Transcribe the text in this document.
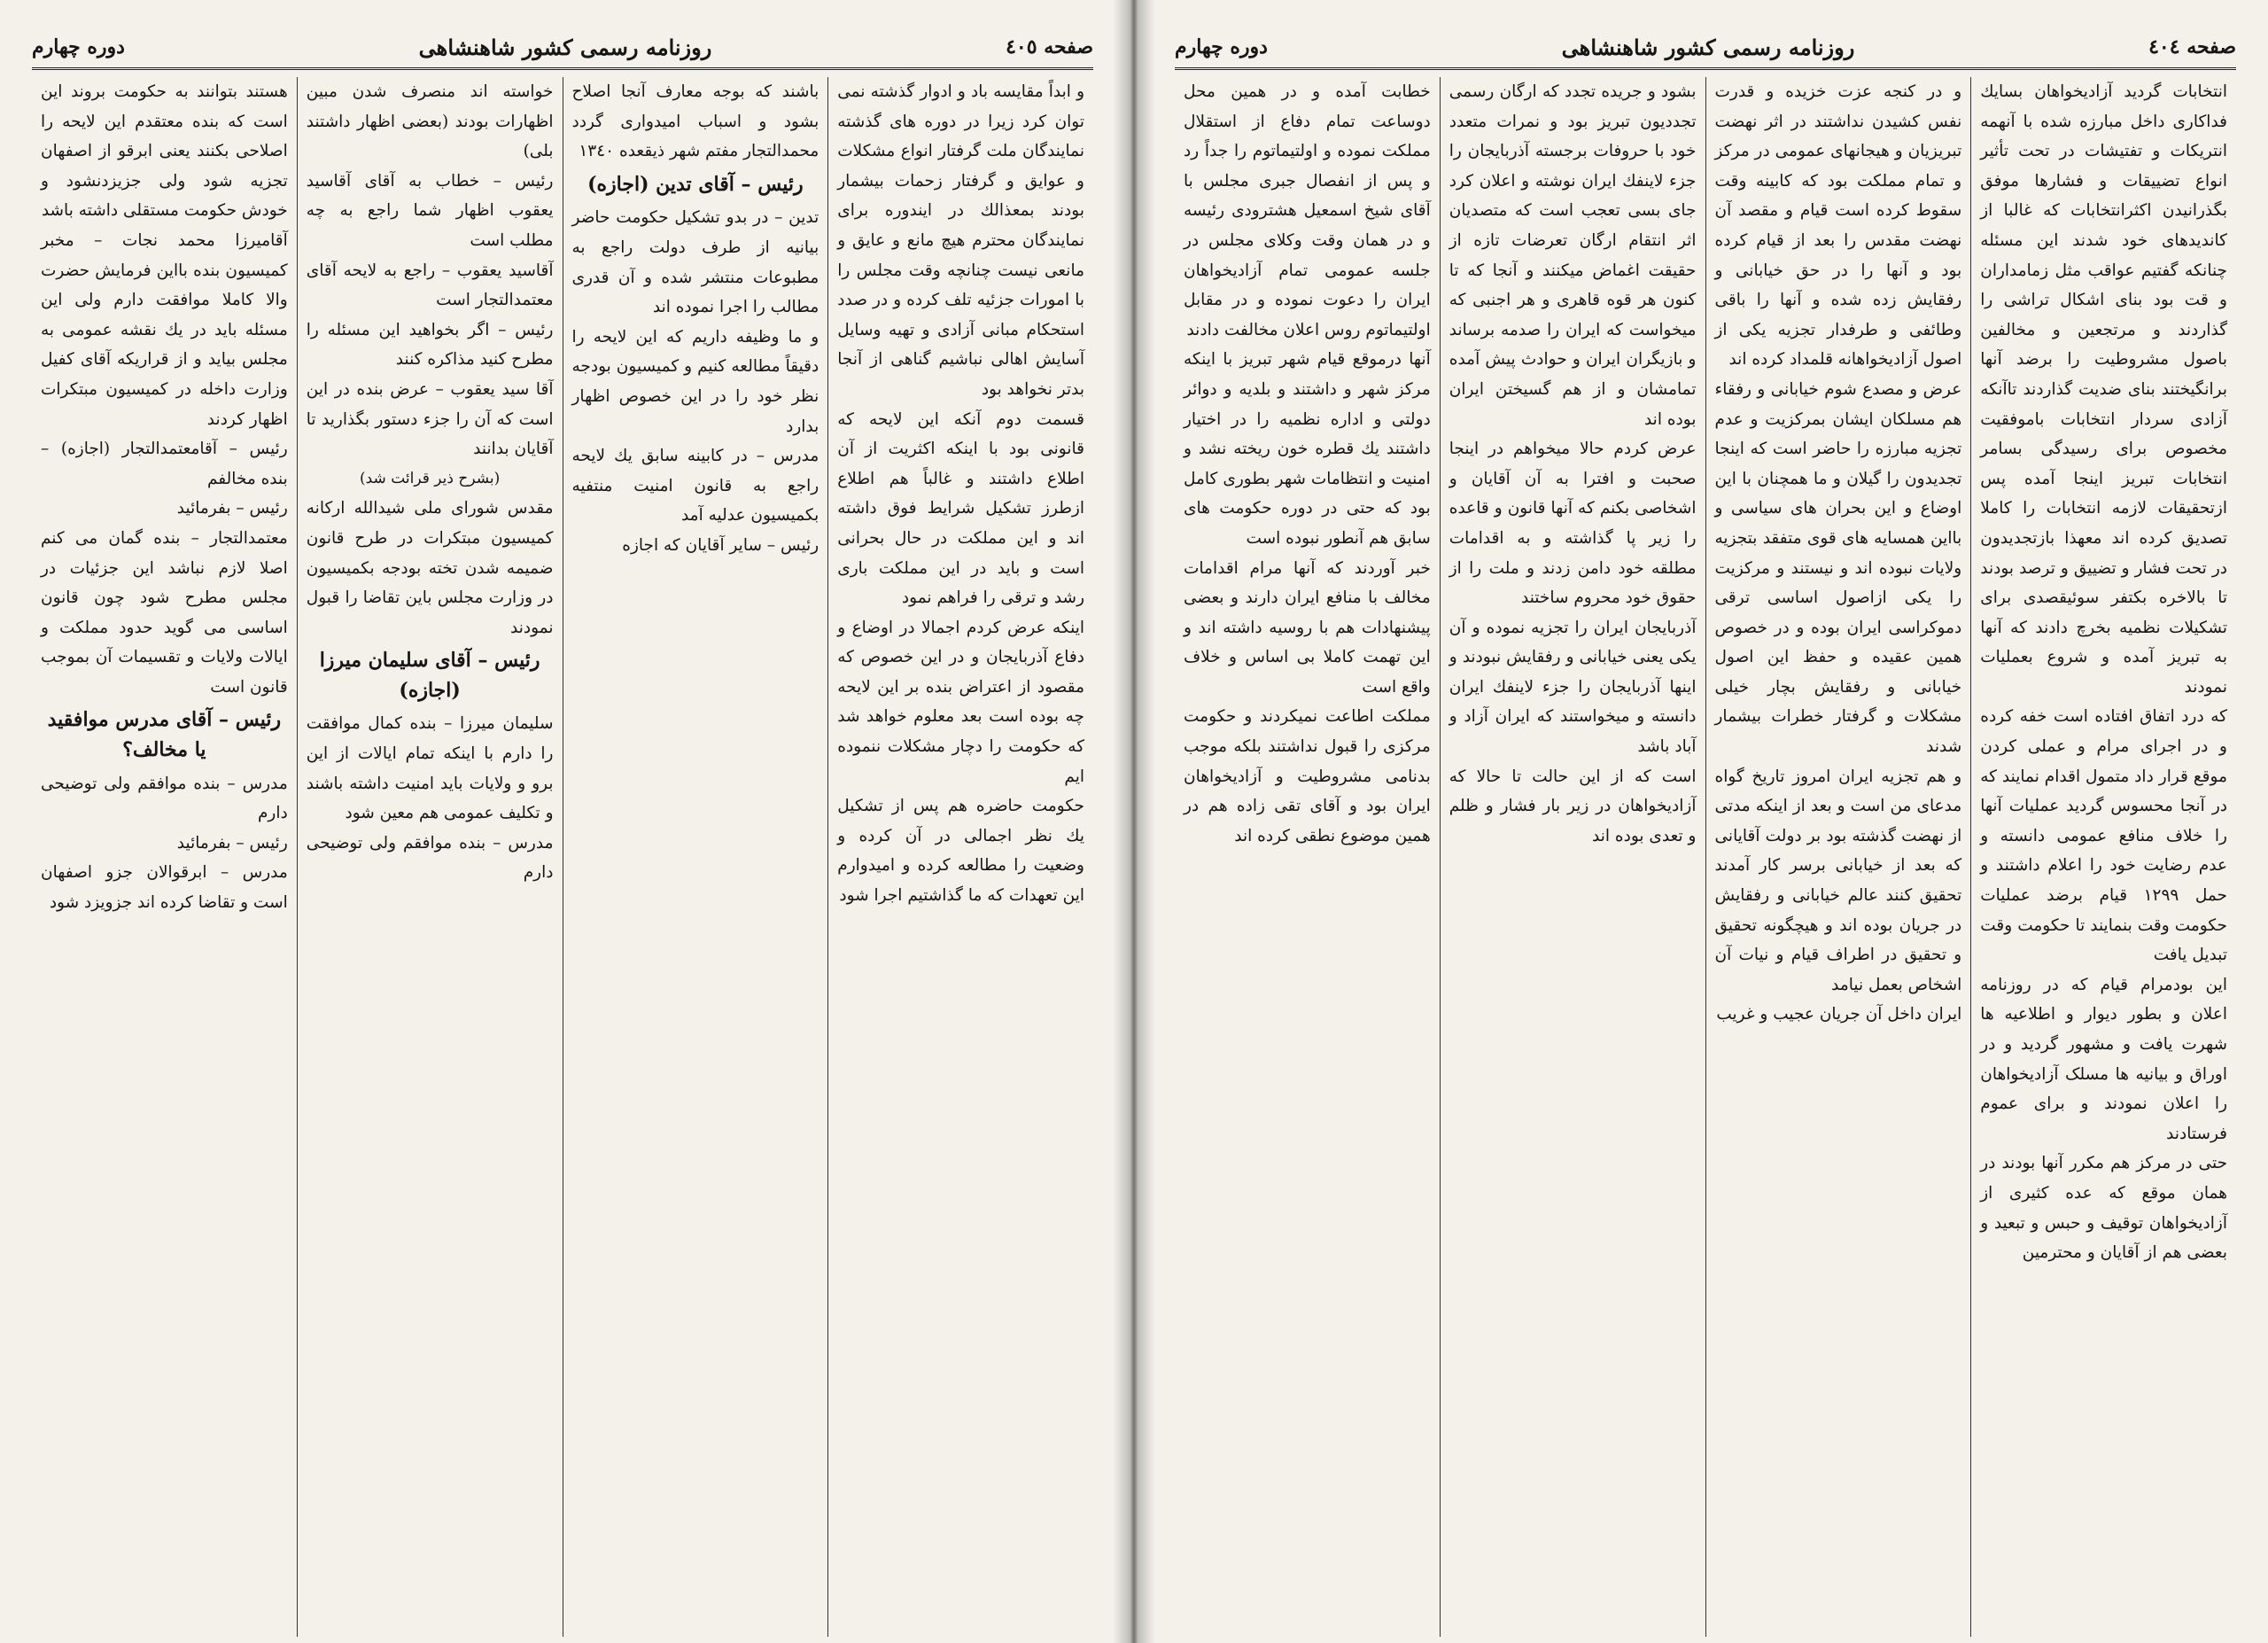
صفحه ٤٠٥
روزنامه رسمی کشور شاهنشاهی
دوره چهارم

و ابداً مقایسه باد و ادوار گذشته نمی توان کرد زیرا در دوره های گذشته نمایندگان ملت گرفتار انواع مشکلات و عوایق و گرفتار زحمات بیشمار بودند بمعذالك در ایندوره برای نمایندگان محترم هیچ مانع و عایق و مانعی نیست چنانچه وقت مجلس را با امورات جزئیه تلف کرده و در صدد استحکام مبانی آزادی و تهیه وسایل آسایش اهالی نباشیم گناهی از آنجا بدتر نخواهد بود

قسمت دوم آنکه این لایحه که قانونی بود با اینکه اکثریت از آن اطلاع داشتند و غالباً هم اطلاع ازطرز تشکیل شرایط فوق داشته اند و این مملکت در حال بحرانی است و باید در این مملکت باری رشد و ترقی را فراهم نمود

اینکه عرض کردم اجمالا در اوضاع و دفاع آذربایجان و در این خصوص که مقصود از اعتراض بنده بر این لایحه چه بوده است بعد معلوم خواهد شد که حکومت را دچار مشکلات ننموده ایم

حکومت حاضره هم پس از تشکیل يك نظر اجمالی در آن کرده و وضعیت را مطالعه کرده و امیدوارم این تعهدات که ما گذاشتیم اجرا شود

باشند که بوجه معارف آنجا اصلاح بشود و اسباب امیدواری گردد محمدالتجار مفتم شهر ذیقعده ۱۳٤۰

رئیس – آقای تدین (اجازه)

تدین – در بدو تشکیل حکومت حاضر بیانیه از طرف دولت راجع به مطبوعات منتشر شده و آن قدری مطالب را اجرا نموده اند

و ما وظیفه داریم که این لایحه را دقیقاً مطالعه کنیم و کمیسیون بودجه نظر خود را در این خصوص اظهار بدارد

مدرس – در کابینه سابق یك لایحه راجع به قانون امنیت منتفیه بکمیسیون عدلیه آمد

رئیس – سایر آقایان که اجازه

خواسته اند منصرف شدن مبین اظهارات بودند (بعضی اظهار داشتند بلی)

رئیس – خطاب به آقای آقاسید یعقوب اظهار شما راجع به چه مطلب است

آقاسید یعقوب – راجع به لایحه آقای معتمدالتجار است

رئیس – اگر بخواهید این مسئله را مطرح کنید مذاکره کنند

آقا سید یعقوب – عرض بنده در این است که آن را جزء دستور بگذارید تا آقایان بدانند

(بشرح ذیر قرائت شد)

مقدس شورای ملی شیدالله ارکانه کمیسیون مبتکرات در طرح قانون ضمیمه شدن تخته بودجه بکمیسیون در وزارت مجلس باین تقاضا را قبول نمودند

رئیس – آقای سلیمان میرزا (اجازه)

سلیمان میرزا – بنده کمال موافقت را دارم با اینکه تمام ایالات از این برو و ولایات باید امنیت داشته باشند و تکلیف عمومی هم معین شود

مدرس – بنده موافقم ولی توضیحی دارم

هستند بتوانند به حکومت بروند این است که بنده معتقدم این لایحه را اصلاحی بکنند یعنی ابرقو از اصفهان تجزیه شود ولی جزیزدنشود و خودش حکومت مستقلی داشته باشد

آقامیرزا محمد نجات – مخبر کمیسیون بنده بااین فرمایش حضرت والا کاملا موافقت دارم ولی این مسئله باید در یك نقشه عمومی به مجلس بیاید و از قراریکه آقای کفیل وزارت داخله در کمیسیون مبتکرات اظهار کردند

رئیس – آقامعتمدالتجار (اجازه) – بنده مخالفم

رئیس – بفرمائید

معتمدالتجار – بنده گمان می کنم اصلا لازم نباشد این جزئیات در مجلس مطرح شود چون قانون اساسی می گوید حدود مملکت و ایالات ولایات و تقسیمات آن بموجب قانون است

رئیس – آقای مدرس موافقید یا مخالف؟

مدرس – بنده موافقم ولی توضیحی دارم

رئیس – بفرمائید

مدرس – ابرقوالان جزو اصفهان است و تقاضا کرده اند جزویزد شود

صفحه ٤٠٤
روزنامه رسمی کشور شاهنشاهی
دوره چهارم

انتخابات گردید آزادیخواهان بسایك فداکاری داخل مبارزه شده با آنهمه انتریکات و تفتیشات در تحت تأثیر انواع تضییقات و فشارها موفق بگذرانیدن اکثرانتخابات که غالبا از کاندیدهای خود شدند این مسئله چنانکه گفتیم عواقب مثل زمامداران و قت بود بنای اشکال تراشی را گذاردند و مرتجعین و مخالفین باصول مشروطیت را برضد آنها برانگیختند بنای ضدیت گذاردند تاآنکه آزادی سردار انتخابات باموفقیت مخصوص برای رسیدگی بسامر انتخابات تبریز اینجا آمده پس ازتحقیقات لازمه انتخابات را کاملا تصدیق کرده اند معهذا بازتجدیدون در تحت فشار و تضییق و ترصد بودند تا بالاخره بکتفر سوئیقصدی برای تشکیلات نظمیه بخرچ دادند که آنها به تبریز آمده و شروع بعملیات نمودند

که درد اتفاق افتاده است خفه کرده و در اجرای مرام و عملی کردن موقع قرار داد متمول اقدام نمایند که در آنجا محسوس گردید عملیات آنها را خلاف منافع عمومی دانسته و عدم رضایت خود را اعلام داشتند و حمل ۱۲۹۹ قیام برضد عملیات حکومت وقت بنمایند تا حکومت وقت تبدیل یافت

این بودمرام قیام که در روزنامه اعلان و بطور دیوار و اطلاعیه ها شهرت یافت و مشهور گردید و در اوراق و بیانیه ها مسلک آزادیخواهان را اعلان نمودند و برای عموم فرستادند

حتی در مرکز هم مکرر آنها بودند در همان موقع که عده کثیری از آزادیخواهان توقیف و حبس و تبعید و بعضی هم از آقایان و محترمین

و در کنجه عزت خزیده و قدرت نفس کشیدن نداشتند در اثر نهضت تبریزیان و هیجانهای عمومی در مرکز و تمام مملکت بود که کابینه وقت سقوط کرده است قیام و مقصد آن نهضت مقدس را بعد از قیام کرده بود و آنها را در حق خیابانی و رفقایش زده شده و آنها را باقی وطائفی و طرفدار تجزیه یکی از اصول آزادیخواهانه قلمداد کرده اند

عرض و مصدع شوم خیابانی و رفقاء هم مسلکان ایشان بمرکزیت و عدم تجزیه مبارزه را حاضر است که اینجا تجدیدون را گیلان و ما همچنان با این اوضاع و این بحران های سیاسی و بااین همسایه های قوی متفقد بتجزیه ولایات نبوده اند و نیستند و مرکزیت را یکی ازاصول اساسی ترقی دموکراسی ایران بوده و در خصوص همین عقیده و حفظ این اصول خیابانی و رفقایش بچار خیلی مشکلات و گرفتار خطرات بیشمار شدند

و هم تجزیه ایران امروز تاریخ گواه مدعای من است و بعد از اینکه مدتی از نهضت گذشته بود بر دولت آقایانی که بعد از خیابانی برسر کار آمدند تحقیق کنند عالم خیابانی و رفقایش در جریان بوده اند و هیچگونه تحقیق و تحقیق در اطراف قیام و نیات آن اشخاص بعمل نیامد

ایران داخل آن جریان عجیب و غریب

بشود و جریده تجدد که ارگان رسمی تجددیون تبریز بود و نمرات متعدد خود با حروفات برجسته آذربایجان را جزء لاینفك ایران نوشته و اعلان کرد جای بسی تعجب است که متصدیان اثر انتقام ارگان تعرضات تازه از حقیقت اغماض میکنند و آنجا که تا کنون هر قوه قاهری و هر اجنبی که میخواست که ایران را صدمه برساند و بازیگران ایران و حوادث پیش آمده تمامشان و از هم گسیختن ایران بوده اند

عرض کردم حالا میخواهم در اینجا صحبت و افترا به آن آقایان و اشخاصی بکنم که آنها قانون و قاعده را زیر پا گذاشته و به اقدامات مطلقه خود دامن زدند و ملت را از حقوق خود محروم ساختند

آذربایجان ایران را تجزیه نموده و آن یکی یعنی خیابانی و رفقایش نبودند و اینها آذربایجان را جزء لاینفك ایران دانسته و میخواستند که ایران آزاد و آباد باشد

است که از این حالت تا حالا که آزادیخواهان در زیر بار فشار و ظلم و تعدی بوده اند

خطابت آمده و در همین محل دوساعت تمام دفاع از استقلال مملکت نموده و اولتیماتوم را جداً رد و پس از انفصال جبری مجلس با آقای شیخ اسمعیل هشترودی رئیسه و در همان وقت وکلای مجلس در جلسه عمومی تمام آزادیخواهان ایران را دعوت نموده و در مقابل اولتیماتوم روس اعلان مخالفت دادند

آنها درموقع قیام شهر تبریز با اینکه مرکز شهر و داشتند و بلدیه و دوائر دولتی و اداره نظمیه را در اختیار داشتند یك قطره خون ریخته نشد و امنیت و انتظامات شهر بطوری کامل بود که حتی در دوره حکومت های سابق هم آنطور نبوده است

خبر آوردند که آنها مرام اقدامات مخالف با منافع ایران دارند و بعضی پیشنهادات هم با روسیه داشته اند و این تهمت کاملا بی اساس و خلاف واقع است

مملکت اطاعت نمیکردند و حکومت مرکزی را قبول نداشتند بلکه موجب بدنامی مشروطیت و آزادیخواهان ایران بود و آقای تقی زاده هم در همین موضوع نطقی کرده اند
